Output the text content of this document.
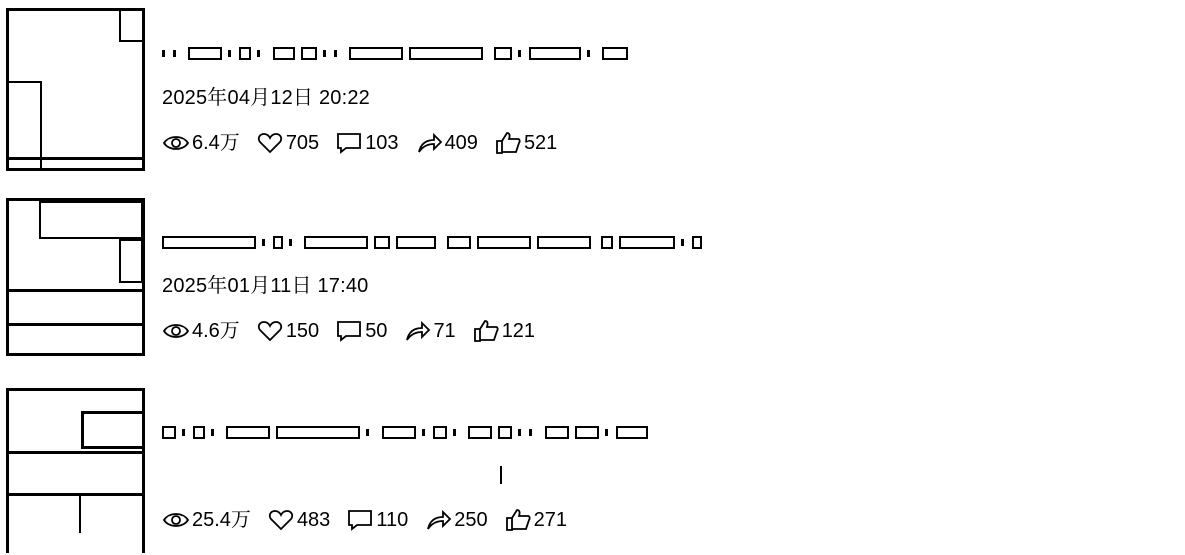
2025年04月12日 20:22
6.4万 705 103 409 521

2025年01月11日 17:40
4.6万 150 50 71 121

25.4万 483 110 250 271
